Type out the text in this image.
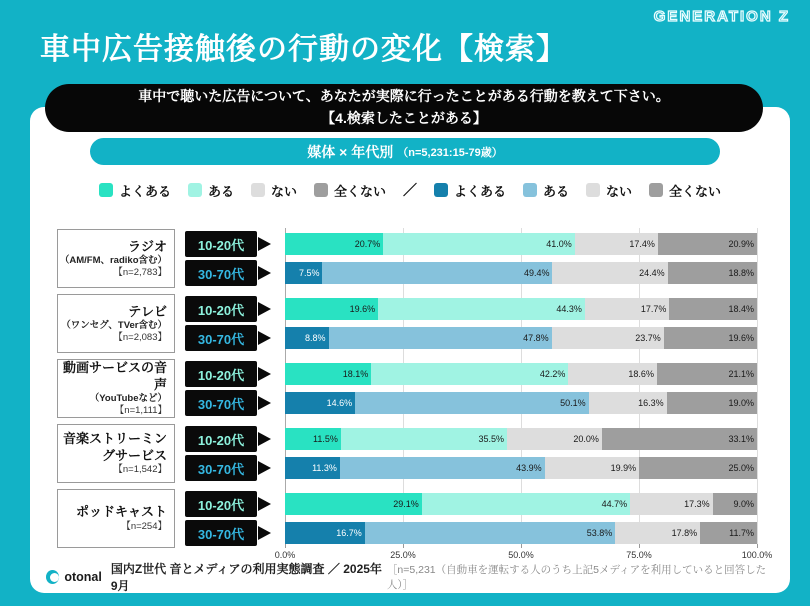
GENERATION Z
車中広告接触後の行動の変化【検索】
車中で聴いた広告について、あなたが実際に行ったことがある行動を教えて下さい。
【4.検索したことがある】
媒体 × 年代別 （n=5,231:15-79歳）
よくある	ある	ない	全くない ／	よくある	ある	ない	全くない
ラジオ
（AM/FM、radiko含む）
【n=2,783】
10-20代	20.7%	41.0%	17.4%	20.9%
30-70代	7.5%	49.4%	24.4%	18.8%
テレビ
（ワンセグ、TVer含む）
【n=2,083】
10-20代	19.6%	44.3%	17.7%	18.4%
30-70代	8.8%	47.8%	23.7%	19.6%
動画サービスの音声
（YouTubeなど）
【n=1,111】
10-20代	18.1%	42.2%	18.6%	21.1%
30-70代	14.6%	50.1%	16.3%	19.0%
音楽ストリーミングサービス
【n=1,542】
10-20代	11.5%	35.5%	20.0%	33.1%
30-70代	11.3%	43.9%	19.9%	25.0%
ポッドキャスト
【n=254】
10-20代	29.1%	44.7%	17.3%	9.0%
30-70代	16.7%	53.8%	17.8%	11.7%
0.0%	25.0%	50.0%	75.0%	100.0%
otonal
国内Z世代 音とメディアの利用実態調査 ／ 2025年9月
［n=5,231（自動車を運転する人のうち上記5メディアを利用していると回答した人）］
